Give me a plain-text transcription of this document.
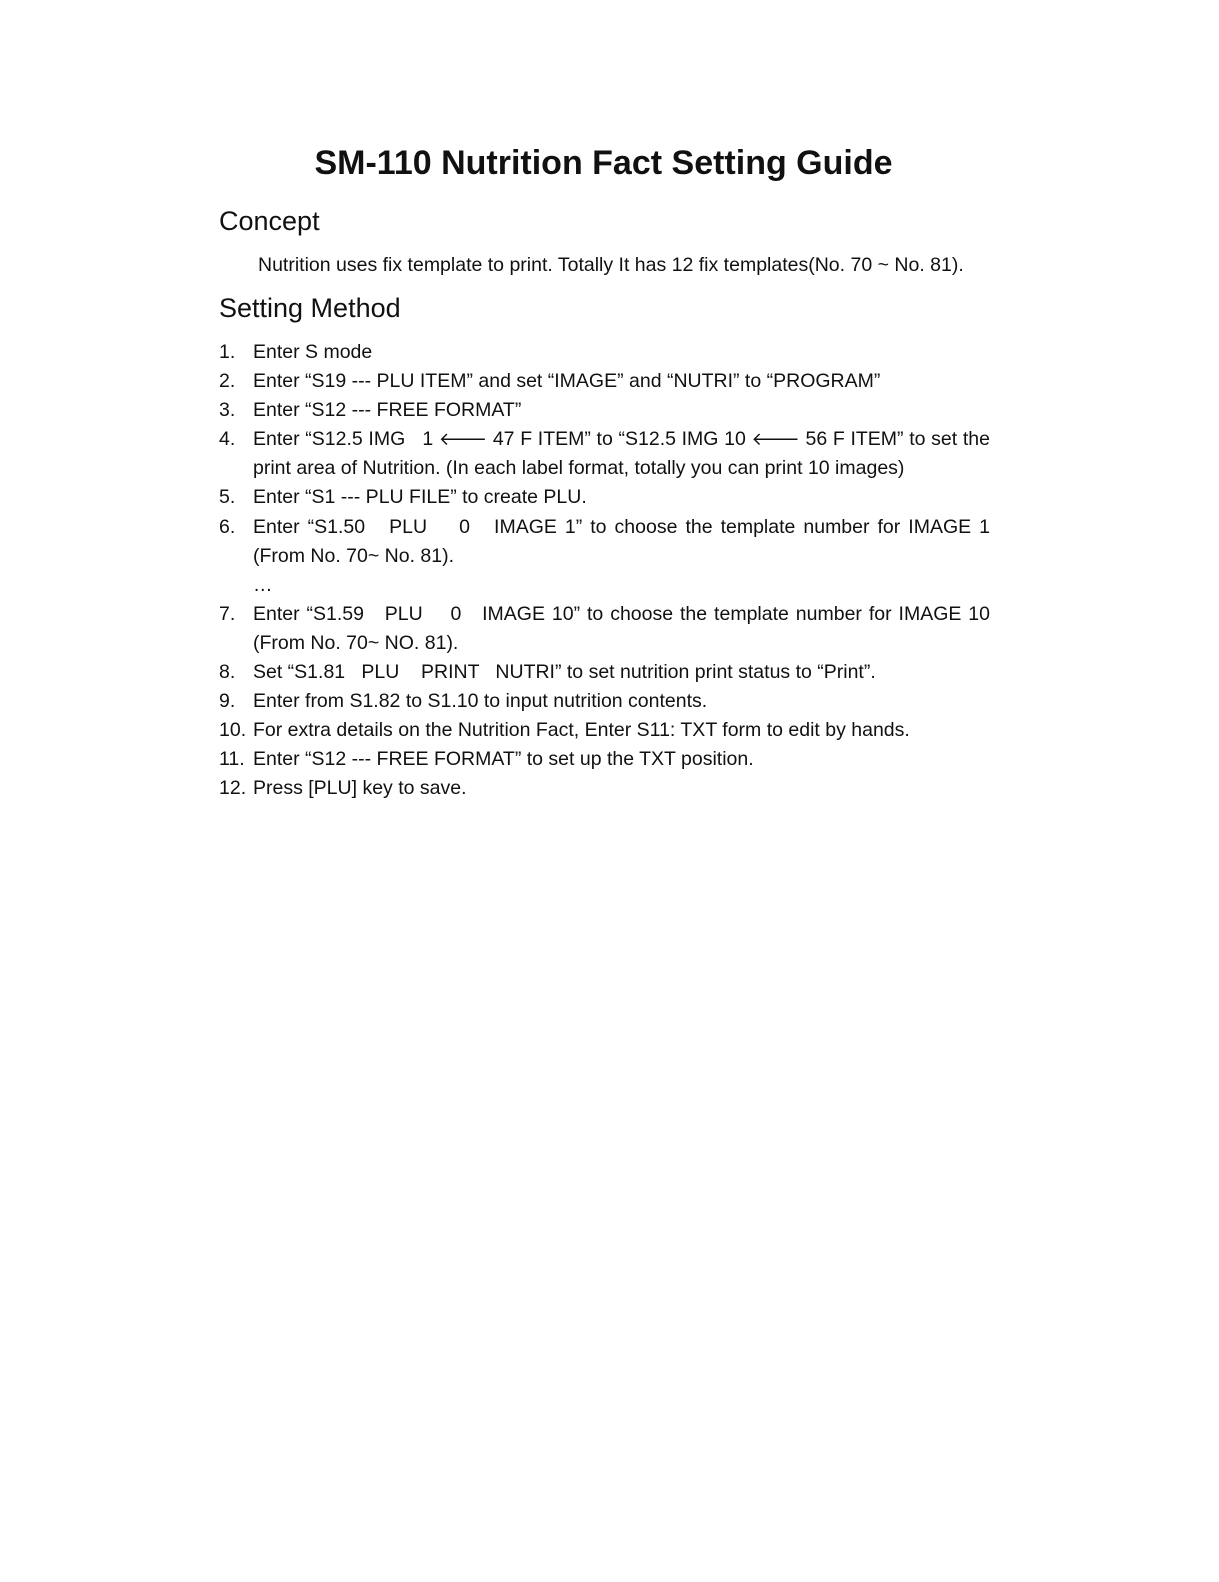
SM-110 Nutrition Fact Setting Guide
Concept

Nutrition uses fix template to print. Totally It has 12 fix templates(No. 70 ~ No. 81).

Setting Method
1. Enter S mode
2. Enter “S19 --- PLU ITEM” and set “IMAGE” and “NUTRI” to “PROGRAM”
3. Enter “S12 --- FREE FORMAT”
4. Enter “S12.5 IMG   1 🡐 47 F ITEM” to “S12.5 IMG 10 🡐 56 F ITEM” to set the print area of Nutrition. (In each label format, totally you can print 10 images)
5. Enter “S1 --- PLU FILE” to create PLU.
6. Enter “S1.50   PLU    0   IMAGE 1” to choose the template number for IMAGE 1 (From No. 70~ No. 81).
…
7. Enter “S1.59   PLU    0   IMAGE 10” to choose the template number for IMAGE 10 (From No. 70~ NO. 81).
8. Set “S1.81   PLU    PRINT   NUTRI” to set nutrition print status to “Print”.
9. Enter from S1.82 to S1.10 to input nutrition contents.
10. For extra details on the Nutrition Fact, Enter S11: TXT form to edit by hands.
11. Enter “S12 --- FREE FORMAT” to set up the TXT position.
12. Press [PLU] key to save.
